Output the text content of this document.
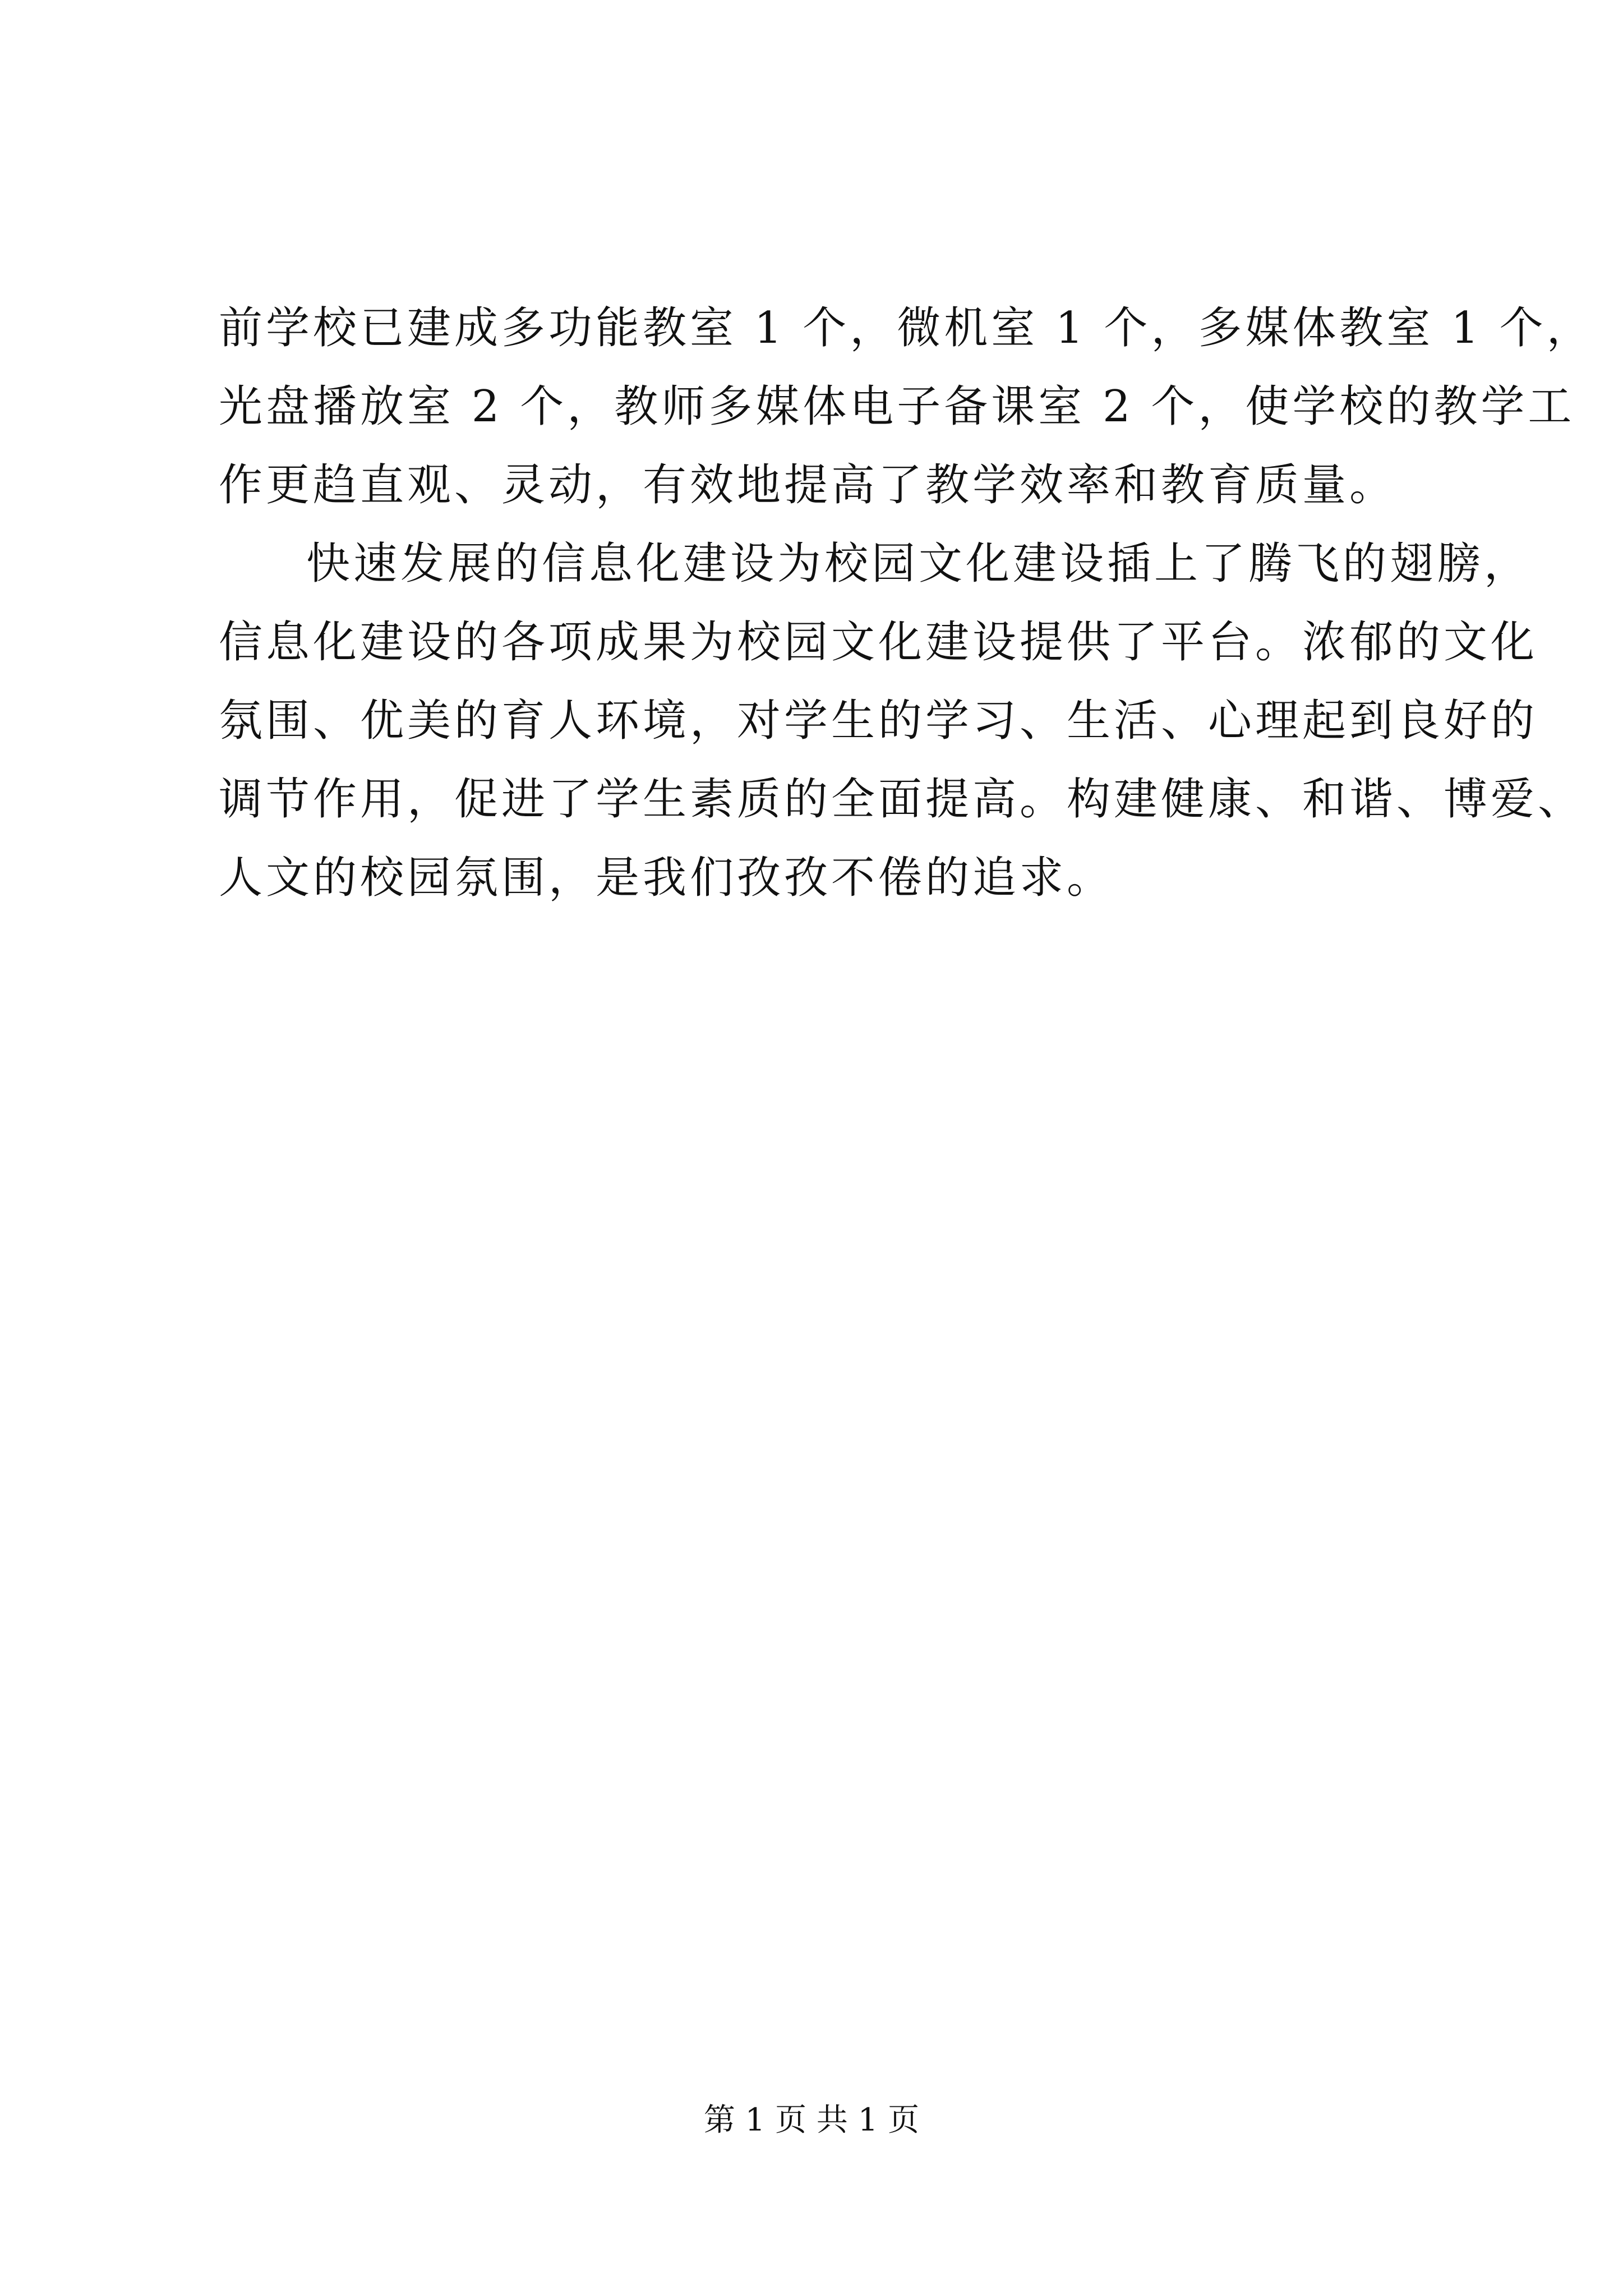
前学校已建成多功能教室 1 个，微机室 1 个，多媒体教室 1 个，
光盘播放室 2 个，教师多媒体电子备课室 2 个，使学校的教学工
作更趋直观、灵动，有效地提高了教学效率和教育质量。
快速发展的信息化建设为校园文化建设插上了腾飞的翅膀，
信息化建设的各项成果为校园文化建设提供了平台。浓郁的文化
氛围、优美的育人环境，对学生的学习、生活、心理起到良好的
调节作用，促进了学生素质的全面提高。构建健康、和谐、博爱、
人文的校园氛围，是我们孜孜不倦的追求。
第 1 页 共 1 页
